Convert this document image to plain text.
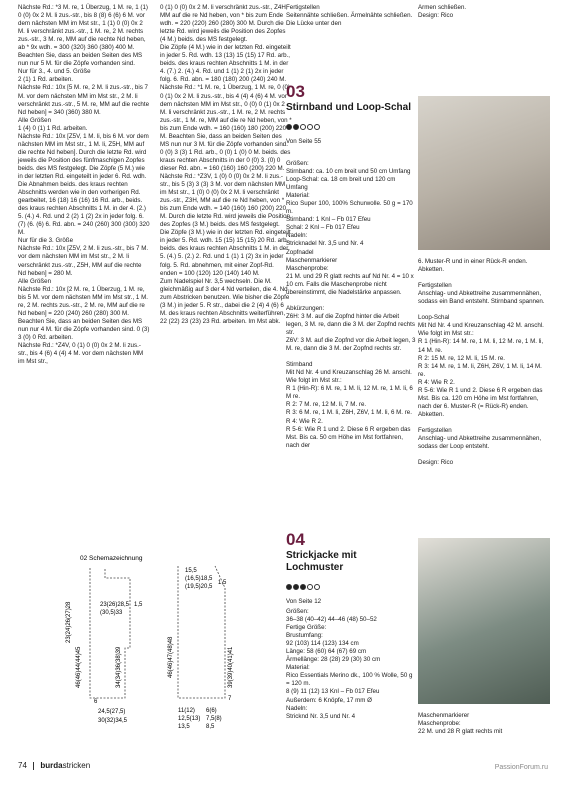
Nächste Rd.: *3 M. re, 1 Überzug, 1 M. re, 1 (1) 0 (0) 0x 2 M. li zus.-str., bis 8 (8) 6 (6) 6 M. vor dem nächsten MM im Mst str., 1 (1) 0 (0) 0x 2 M. li verschränkt zus.-str., 1 M. re, 2 M. rechts zus.-str., 3 M. re, MM auf die rechte Nd heben, ab * 9x wdh. = 300 (320) 360 (380) 400 M. Beachten Sie, dass an beiden Seiten des MS nun nur 5 M. für die Zöpfe vorhanden sind.
Nur für 3., 4. und 5. Größe
2 (1) 1 Rd. arbeiten.
Nächste Rd.: 10x [5 M. re, 2 M. li zus.-str., bis 7 M. vor dem nächsten MM im Mst str., 2 M. li verschränkt zus.-str., 5 M. re, MM auf die rechte Nd heben] = 340 (360) 380 M.
Alle Größen
1 (4) 0 (1) 1 Rd. arbeiten.
Nächste Rd.: 10x [Z5V, 1 M. li, bis 6 M. vor dem nächsten MM im Mst str., 1 M. li, Z5H, MM auf die rechte Nd heben]. Durch die letzte Rd. wird jeweils die Position des fünfmaschigen Zopfes beids. des MS festgelegt. Die Zöpfe (5 M.) wie in der letzten Rd. eingeteilt in jeder 6. Rd. wdh. Die Abnahmen beids. des kraus rechten Abschnitts werden wie in den vorherigen Rd. gearbeitet, 16 (18) 16 (16) 16 Rd. arb., beids. des kraus rechten Abschnitts 1 M. in der 4. (2.) 5. (4.) 4. Rd. und 2 (2) 1 (2) 2x in jeder folg. 6. (7) (6. (6) 6. Rd. abn. = 240 (260) 300 (300) 320 M.
Nur für die 3. Größe
Nächste Rd.: 10x [Z5V, 2 M. li zus.-str., bis 7 M. vor dem nächsten MM im Mst str., 2 M. li verschränkt zus.-str., Z5H, MM auf die rechte Nd heben] = 280 M.
Alle Größen
Nächste Rd.: 10x [2 M. re, 1 Überzug, 1 M. re, bis 5 M. vor dem nächsten MM im Mst str., 1 M. re, 2 M. rechts zus.-str., 2 M. re, MM auf die re Nd heben] = 220 (240) 260 (280) 300 M. Beachten Sie, dass an beiden Seiten des MS nun nur 4 M. für die Zöpfe vorhanden sind. 0 (3) 3 (0) 0 Rd. arbeiten.
Nächste Rd.: *Z4V, 0 (1) 0 (0) 0x 2 M. li zus.-str., bis 4 (6) 4 (4) 4 M. vor dem nächsten MM im Mst str.,
0 (1) 0 (0) 0x 2 M. li verschränkt zus.-str., Z4H, MM auf die re Nd heben, von * bis zum Ende wdh. = 220 (220) 260 (280) 300 M. Durch die letzte Rd. wird jeweils die Position des Zopfes (4 M.) beids. des MS festgelegt.
Die Zöpfe (4 M.) wie in der letzten Rd. eingeteilt in jeder 5. Rd. wdh. 13 (13) 15 (15) 17 Rd. arb., beids. des kraus rechten Abschnitts 1 M. in der 4. (7.) 2. (4.) 4. Rd. und 1 (1) 2 (1) 2x in jeder folg. 6. Rd. abn. = 180 (180) 200 (240) 240 M.
Nächste Rd.: *1 M. re, 1 Überzug, 1 M. re, 0 (0) 0 (1) 0x 2 M. li zus.-str., bis 4 (4) 4 (6) 4 M. vor dem nächsten MM im Mst str., 0 (0) 0 (1) 0x 2 M. li verschränkt zus.-str., 1 M. re, 2 M. rechts zus.-str., 1 M. re, MM auf die re Nd heben, von * bis zum Ende wdh. = 160 (160) 180 (200) 220 M. Beachten Sie, dass an beiden Seiten des MS nun nur 3 M. für die Zöpfe vorhanden sind.
0 (0) 3 (3) 1 Rd. arb., 0 (0) 1 (0) 0 M. beids. des kraus rechten Abschnitts in der 0 (0) 3. (0) 0 dieser Rd. abn. = 160 (160) 160 (200) 220 M.
Nächste Rd.: *Z3V, 1 (0) 0 (0) 0x 2 M. li zus.-str., bis 5 (3) 3 (3) 3 M. vor dem nächsten MM im Mst str., 1 (0) 0 (0) 0x 2 M. li verschränkt zus.-str., Z3H, MM auf die re Nd heben, von * bis zum Ende wdh. = 140 (160) 160 (200) 220 M. Durch die letzte Rd. wird jeweils die Position des Zopfes (3 M.) beids. des MS festgelegt.
Die Zöpfe (3 M.) wie in der letzten Rd. eingeteilt in jeder 5. Rd. wdh. 15 (15) 15 (15) 20 Rd. arb., beids. des kraus rechten Abschnitts 1 M. in der 5. (4.) 5. (2.) 2. Rd. und 1 (1) 1 (2) 3x in jeder folg. 5. Rd. abnehmen, mit einer Zopf-Rd. enden = 100 (120) 120 (140) 140 M.
Zum Nadelspiel Nr. 3,5 wechseln. Die M. gleichmäßig auf 3 der 4 Nd verteilen, die 4. Nd zum Abstricken benutzen. Wie bisher die Zöpfe (3 M.) in jeder 5. R str., dabei die 2 (4) 4 (6) 6 M. des kraus rechten Abschnitts weiterführen, 22 (22) 23 (23) 23 Rd. arbeiten. Im Mst abk.
Fertigstellen
Seitennähte schließen. Ärmelnähte schließen. Die Lücke unter den
03
Stirnband und Loop-Schal
Von Seite 55
Größen:
Stirnband: ca. 10 cm breit und 50 cm Umfang
Loop-Schal: ca. 18 cm breit und 120 cm Umfang
Material:
Rico Super 100, 100% Schurwolle. 50 g = 170 m.
Stirnband: 1 Knl – Fb 017 Efeu
Schal: 2 Knl – Fb 017 Efeu
Nadeln:
Stricknadel Nr. 3,5 und Nr. 4
Zopfnadel
Maschenmarkierer
Maschenprobe:
21 M. und 29 R glatt rechts auf Nd Nr. 4 = 10 x 10 cm. Falls die Maschenprobe nicht übereinstimmt, die Nadelstärke anpassen.

Abkürzungen:
Z6H: 3 M. auf die Zopfnd hinter die Arbeit legen, 3 M. re, dann die 3 M. der Zopfnd rechts str.
Z6V: 3 M. auf die Zopfnd vor die Arbeit legen, 3 M. re, dann die 3 M. der Zopfnd rechts str.

Stirnband
Mit Nd Nr. 4 und Kreuzanschlag 26 M. anschl. Wie folgt im Mst str.:
R 1 (Hin-R): 6 M. re, 1 M. li, 12 M. re, 1 M. li, 6 M re.
R 2: 7 M. re, 12 M. li, 7 M. re.
R 3: 6 M. re, 1 M. li, Z6H, Z6V, 1 M. li, 6 M. re.
R 4: Wie R 2.
R 5-6: Wie R 1 und 2. Diese 6 R ergeben das Mst. Bis ca. 50 cm Höhe im Mst fortfahren, nach der
Armen schließen.
Design: Rico
6. Muster-R und in einer Rück-R enden. Abketten.

Fertigstellen
Anschlag- und Abkettreihe zusammennähen, sodass ein Band entsteht. Stirnband spannen.

Loop-Schal
Mit Nd Nr. 4 und Kreuzanschlag 42 M. anschl. Wie folgt im Mst str.:
R 1 (Hin-R): 14 M. re, 1 M. li, 12 M. re, 1 M. li, 14 M. re.
R 2: 15 M. re, 12 M. li, 15 M. re.
R 3: 14 M. re, 1 M. li, Z6H, Z6V, 1 M. li, 14 M. re.
R 4: Wie R 2.
R 5-6: Wie R 1 und 2. Diese 6 R ergeben das Mst. Bis ca. 120 cm Höhe im Mst fortfahren, nach der 6. Muster-R (= Rück-R) enden. Abketten.

Fertigstellen
Anschlag- und Abkettreihe zusammennähen, sodass der Loop entsteht.

Design: Rico
04
Strickjacke mit Lochmuster
Von Seite 12
Größen:
36–38 (40–42) 44–46 (48) 50–52
Fertige Größe:
Brustumfang:
92 (103) 114 (123) 134 cm
Länge: 58 (60) 64 (67) 69 cm
Ärmellänge: 28 (28) 29 (30) 30 cm
Material:
Rico Essentials Merino dk., 100 % Wolle, 50 g = 120 m.
8 (9) 11 (12) 13 Knl – Fb 017 Efeu
Außerdem: 6 Knöpfe, 17 mm Ø
Nadeln:
Stricknd Nr. 3,5 und Nr. 4	Maschenmarkierer
Maschenprobe:
22 M. und 28 R glatt rechts mit
02 Schemazeichnung
23(24)26(27)28
46(46)44(44)45
23(26)28,5
(30,5)33
1,5
34(34)36(38)39
24,5(27,5)
30(32)34,5
6
15,5
(16,5)18,5
(19,5)20,5
1,5
46(46)47(48)48	39(39)40(41)41
11(12)
12,5(13)
13,5
6(6)
7,5(8)
8,5
7
74 burdastricken	PassionForum.ru
